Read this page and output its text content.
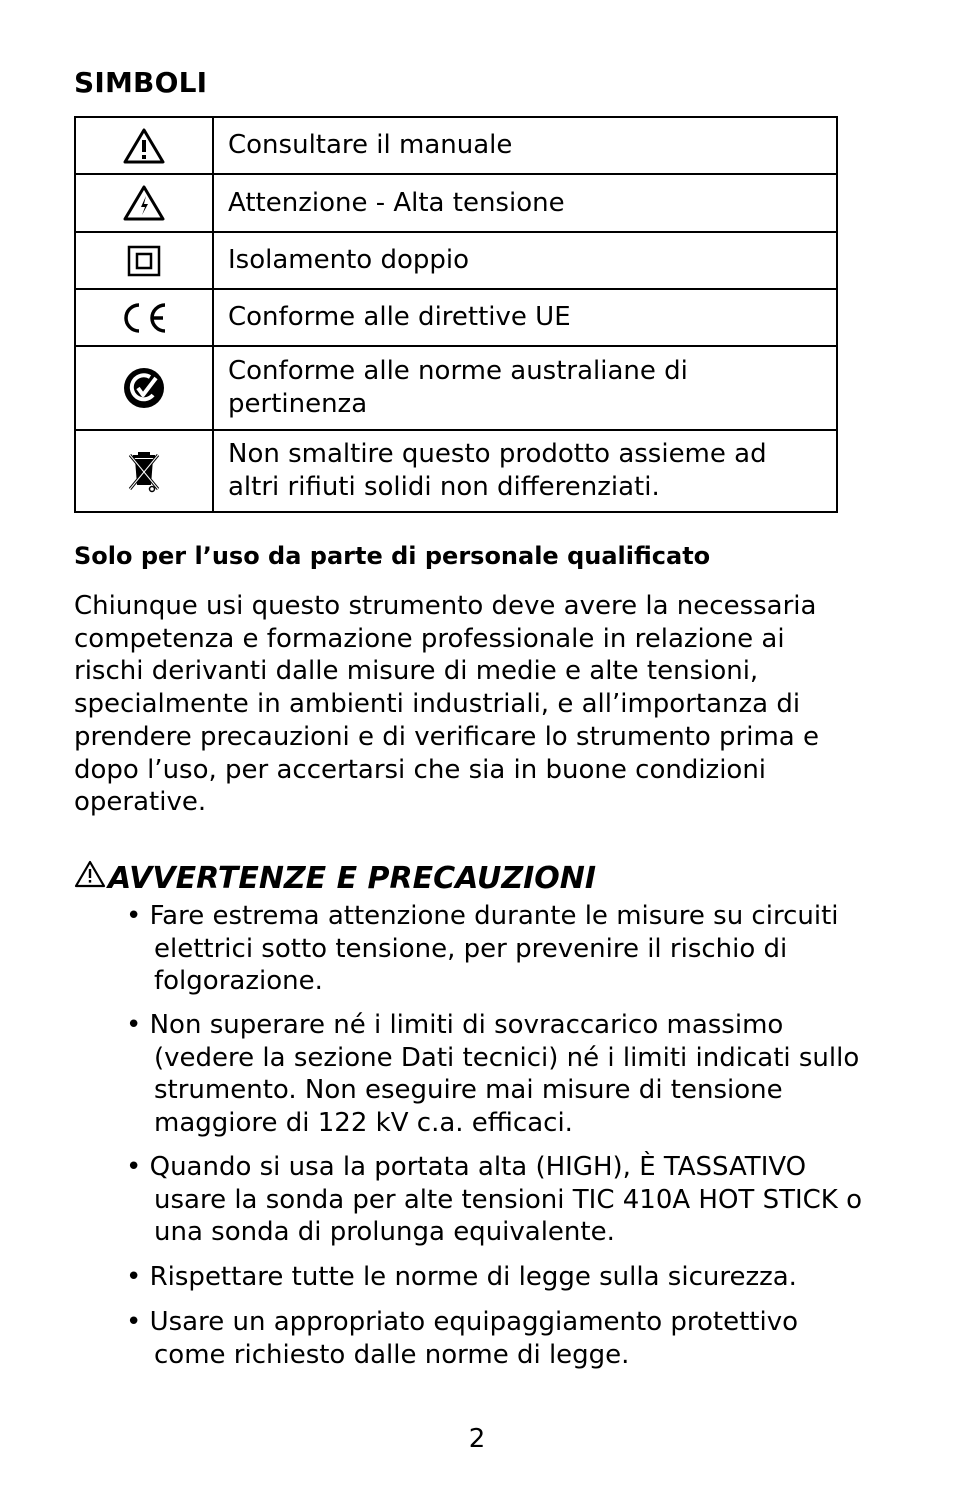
SIMBOLI
	Consultare il manuale

	Attenzione - Alta tensione

	Isolamento doppio

	Conforme alle direttive UE

	Conforme alle norme australiane di pertinenza

	Non smaltire questo prodotto assieme ad altri rifiuti solidi non differenziati.
Solo per l’uso da parte di personale qualificato

Chiunque usi questo strumento deve avere la necessaria competenza e formazione professionale in relazione ai rischi derivanti dalle misure di medie e alte tensioni, specialmente in ambienti industriali, e all’importanza di prendere precauzioni e di verificare lo strumento prima e dopo l’uso, per accertarsi che sia in buone condizioni operative.

AVVERTENZE E PRECAUZIONI

• Fare estrema attenzione durante le misure su circuiti elettrici sotto tensione, per prevenire il rischio di folgorazione.

• Non superare né i limiti di sovraccarico massimo (vedere la sezione Dati tecnici) né i limiti indicati sullo strumento. Non eseguire mai misure di tensione maggiore di 122 kV c.a. efficaci.

• Quando si usa la portata alta (HIGH), È TASSATIVO usare la sonda per alte tensioni TIC 410A HOT STICK o una sonda di prolunga equivalente.

• Rispettare tutte le norme di legge sulla sicurezza.

• Usare un appropriato equipaggiamento protettivo come richiesto dalle norme di legge.

2
